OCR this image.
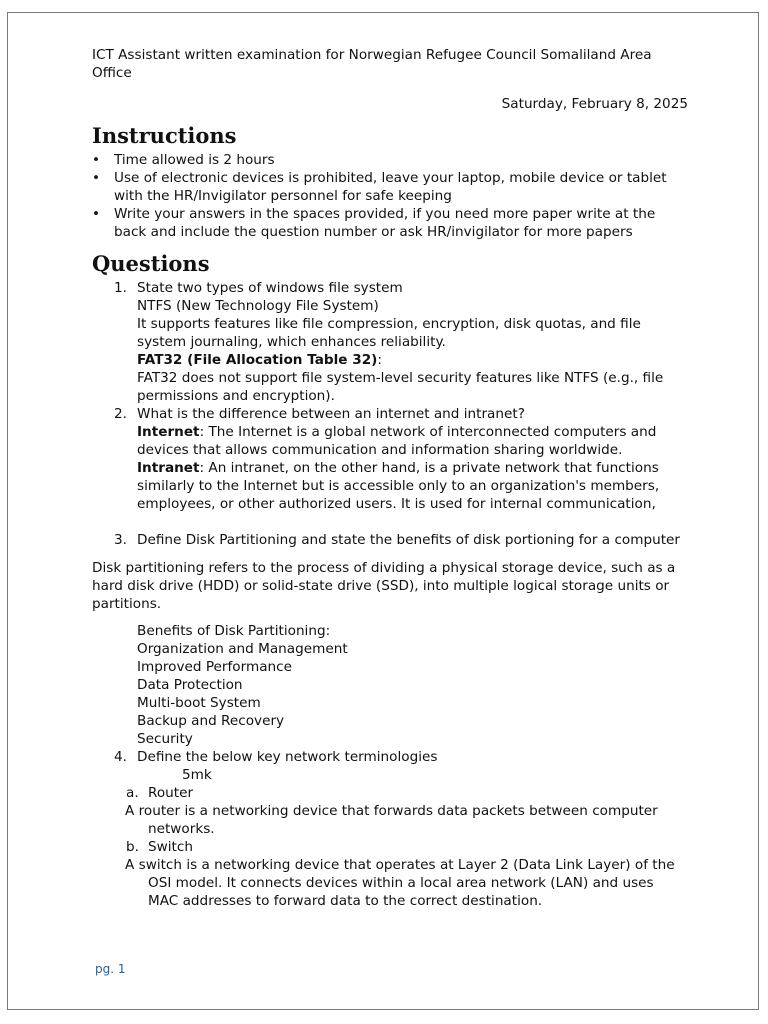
ICT Assistant written examination for Norwegian Refugee Council Somaliland Area Office
Saturday, February 8, 2025
Instructions
• Time allowed is 2 hours
• Use of electronic devices is prohibited, leave your laptop, mobile device or tablet with the HR/Invigilator personnel for safe keeping
• Write your answers in the spaces provided, if you need more paper write at the back and include the question number or ask HR/invigilator for more papers
Questions
1. State two types of windows file system
NTFS (New Technology File System)
It supports features like file compression, encryption, disk quotas, and file system journaling, which enhances reliability.
FAT32 (File Allocation Table 32):
FAT32 does not support file system-level security features like NTFS (e.g., file permissions and encryption).
2. What is the difference between an internet and intranet?
Internet: The Internet is a global network of interconnected computers and devices that allows communication and information sharing worldwide.
Intranet: An intranet, on the other hand, is a private network that functions similarly to the Internet but is accessible only to an organization's members, employees, or other authorized users. It is used for internal communication,
3. Define Disk Partitioning and state the benefits of disk portioning for a computer

Disk partitioning refers to the process of dividing a physical storage device, such as a hard disk drive (HDD) or solid-state drive (SSD), into multiple logical storage units or partitions.

Benefits of Disk Partitioning:
Organization and Management
Improved Performance
Data Protection
Multi-boot System
Backup and Recovery
Security
4. Define the below key network terminologies
5mk
a. Router
A router is a networking device that forwards data packets between computer networks.
b. Switch
A switch is a networking device that operates at Layer 2 (Data Link Layer) of the OSI model. It connects devices within a local area network (LAN) and uses MAC addresses to forward data to the correct destination.
pg. 1
